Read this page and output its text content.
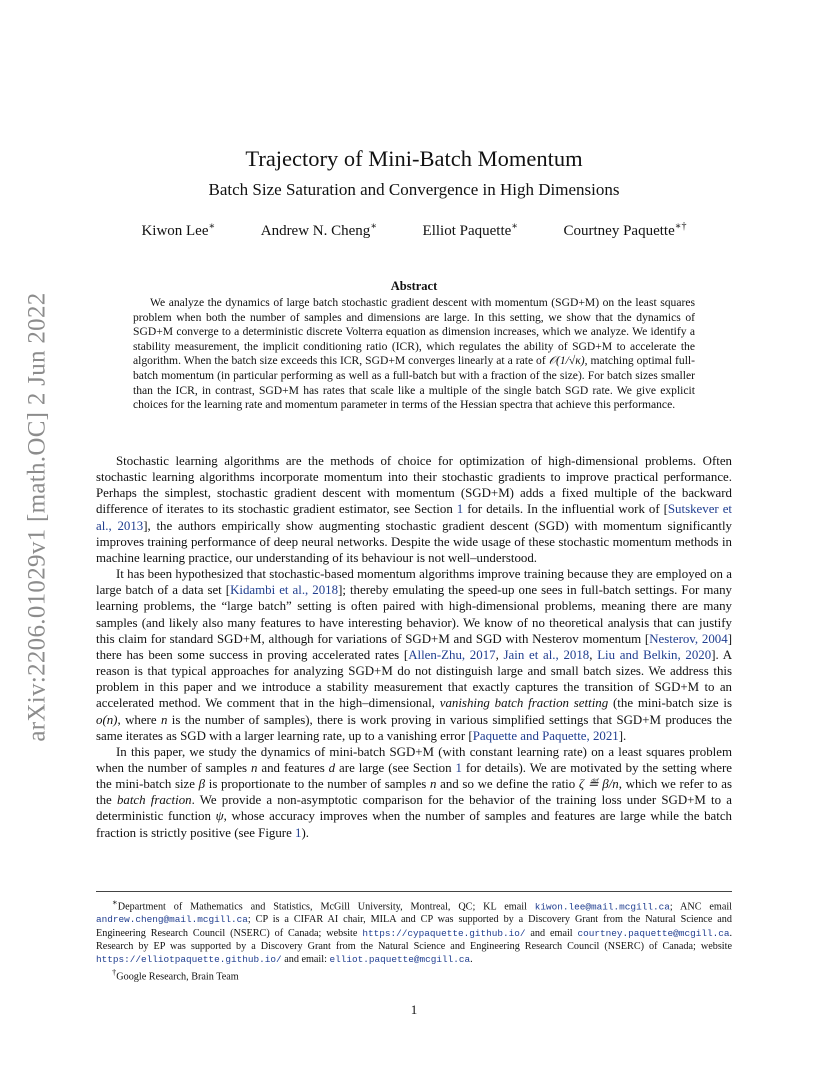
arXiv:2206.01029v1 [math.OC] 2 Jun 2022
Trajectory of Mini-Batch Momentum
Batch Size Saturation and Convergence in High Dimensions
Kiwon Lee∗	Andrew N. Cheng∗	Elliot Paquette∗	Courtney Paquette∗†
Abstract

We analyze the dynamics of large batch stochastic gradient descent with momentum (SGD+M) on the least squares problem when both the number of samples and dimensions are large. In this setting, we show that the dynamics of SGD+M converge to a deterministic discrete Volterra equation as dimension increases, which we analyze. We identify a stability measurement, the implicit conditioning ratio (ICR), which regulates the ability of SGD+M to accelerate the algorithm. When the batch size exceeds this ICR, SGD+M converges linearly at a rate of 𝒪(1/√κ), matching optimal full-batch momentum (in particular performing as well as a full-batch but with a fraction of the size). For batch sizes smaller than the ICR, in contrast, SGD+M has rates that scale like a multiple of the single batch SGD rate. We give explicit choices for the learning rate and momentum parameter in terms of the Hessian spectra that achieve this performance.

Stochastic learning algorithms are the methods of choice for optimization of high-dimensional problems. Often stochastic learning algorithms incorporate momentum into their stochastic gradients to improve practical performance. Perhaps the simplest, stochastic gradient descent with momentum (SGD+M) adds a fixed multiple of the backward difference of iterates to its stochastic gradient estimator, see Section 1 for details. In the influential work of [Sutskever et al., 2013], the authors empirically show augmenting stochastic gradient descent (SGD) with momentum significantly improves training performance of deep neural networks. Despite the wide usage of these stochastic momentum methods in machine learning practice, our understanding of its behaviour is not well–understood.

It has been hypothesized that stochastic-based momentum algorithms improve training because they are employed on a large batch of a data set [Kidambi et al., 2018]; thereby emulating the speed-up one sees in full-batch settings. For many learning problems, the “large batch” setting is often paired with high-dimensional problems, meaning there are many samples (and likely also many features to have interesting behavior). We know of no theoretical analysis that can justify this claim for standard SGD+M, although for variations of SGD+M and SGD with Nesterov momentum [Nesterov, 2004] there has been some success in proving accelerated rates [Allen-Zhu, 2017, Jain et al., 2018, Liu and Belkin, 2020]. A reason is that typical approaches for analyzing SGD+M do not distinguish large and small batch sizes. We address this problem in this paper and we introduce a stability measurement that exactly captures the transition of SGD+M to an accelerated method. We comment that in the high–dimensional, vanishing batch fraction setting (the mini-batch size is o(n), where n is the number of samples), there is work proving in various simplified settings that SGD+M produces the same iterates as SGD with a larger learning rate, up to a vanishing error [Paquette and Paquette, 2021].

In this paper, we study the dynamics of mini-batch SGD+M (with constant learning rate) on a least squares problem when the number of samples n and features d are large (see Section 1 for details). We are motivated by the setting where the mini-batch size β is proportionate to the number of samples n and so we define the ratio ζ ≝ β/n, which we refer to as the batch fraction. We provide a non-asymptotic comparison for the behavior of the training loss under SGD+M to a deterministic function ψ, whose accuracy improves when the number of samples and features are large while the batch fraction is strictly positive (see Figure 1).

∗Department of Mathematics and Statistics, McGill University, Montreal, QC; KL email kiwon.lee@mail.mcgill.ca; ANC email andrew.cheng@mail.mcgill.ca; CP is a CIFAR AI chair, MILA and CP was supported by a Discovery Grant from the Natural Science and Engineering Research Council (NSERC) of Canada; website https://cypaquette.github.io/ and email courtney.paquette@mcgill.ca. Research by EP was supported by a Discovery Grant from the Natural Science and Engineering Research Council (NSERC) of Canada; website https://elliotpaquette.github.io/ and email: elliot.paquette@mcgill.ca.

†Google Research, Brain Team

1
